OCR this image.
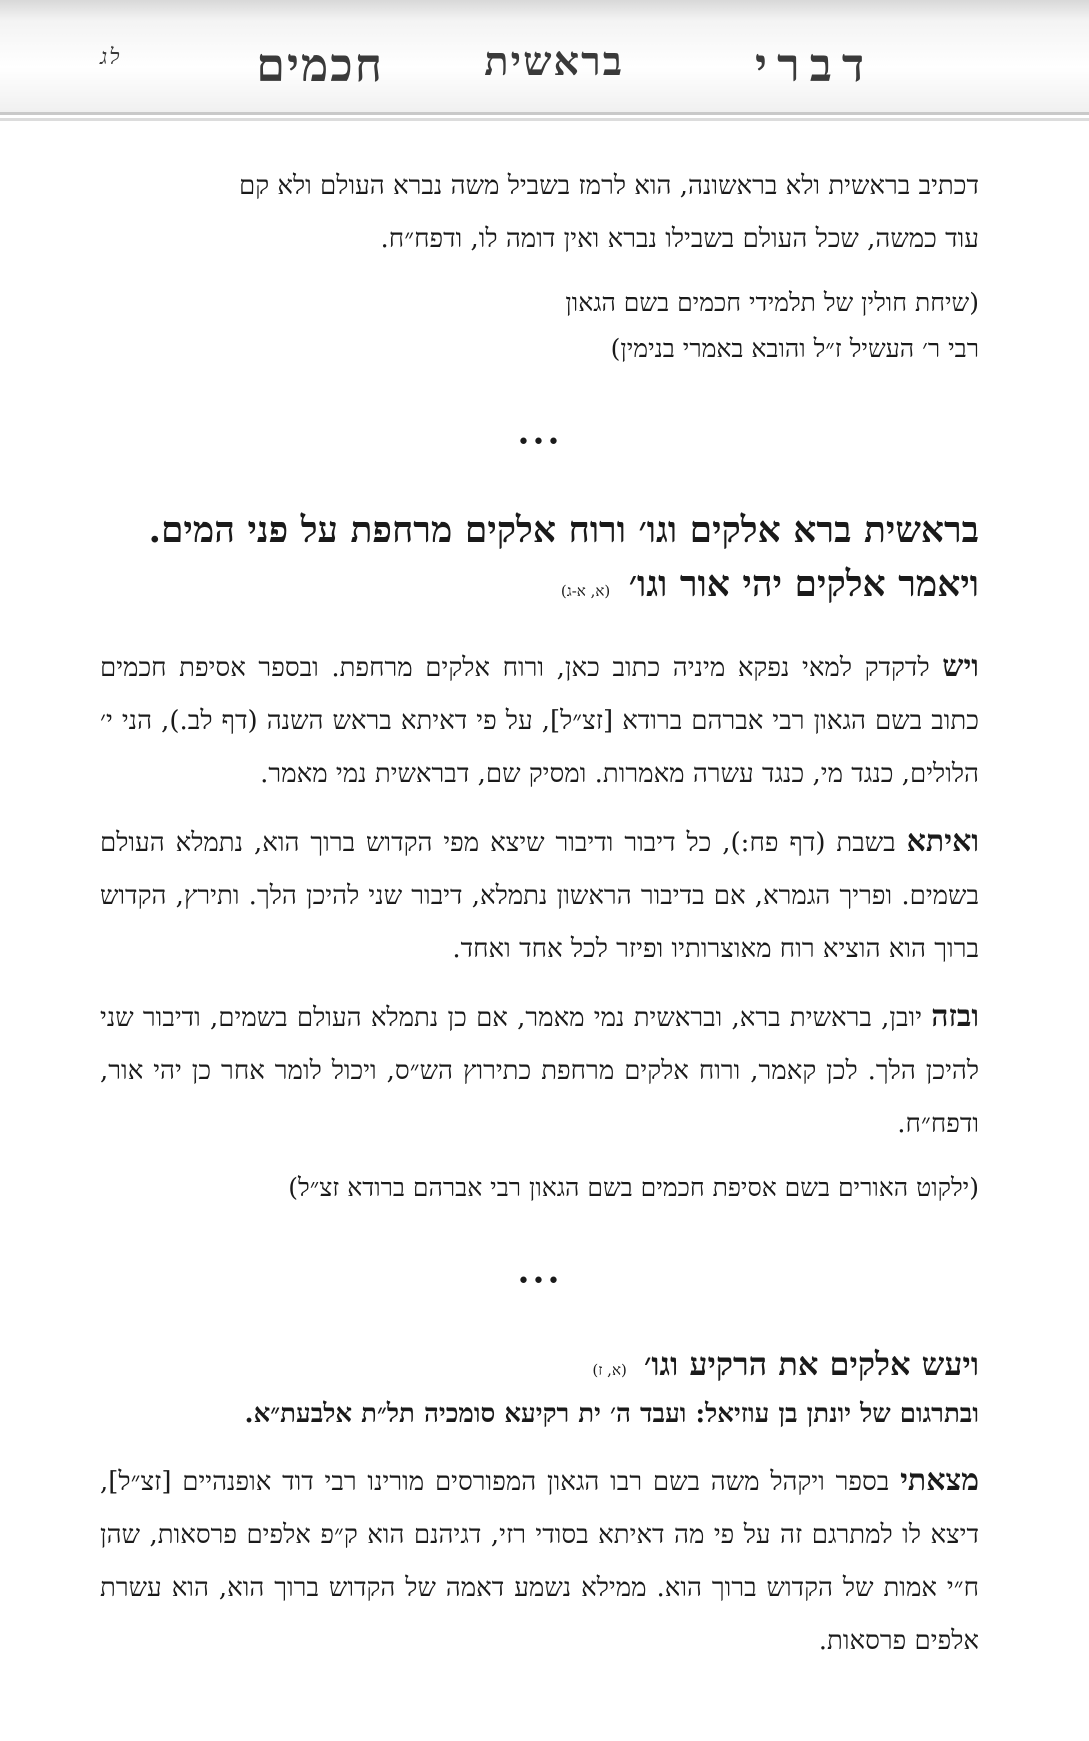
דברי
בראשית
חכמים
לג

דכתיב בראשית ולא בראשונה, הוא לרמז בשביל משה נברא העולם ולא קם

עוד כמשה, שכל העולם בשבילו נברא ואין דומה לו, ודפח״ח.

(שיחת חולין של תלמידי חכמים בשם הגאון

רבי ר׳ העשיל ז״ל והובא באמרי בנימין)

•••

בראשית ברא אלקים וגו׳ ורוח אלקים מרחפת על פני המים.

ויאמר אלקים יהי אור וגו׳ (א, א-ג)

ויש לדקדק למאי נפקא מיניה כתוב כאן, ורוח אלקים מרחפת. ובספר אסיפת חכמים כתוב בשם הגאון רבי אברהם ברודא [זצ״ל], על פי דאיתא בראש השנה (דף לב.), הני י׳ הלולים, כנגד מי, כנגד עשרה מאמרות. ומסיק שם, דבראשית נמי מאמר.

ואיתא בשבת (דף פח:), כל דיבור ודיבור שיצא מפי הקדוש ברוך הוא, נתמלא העולם בשמים. ופריך הגמרא, אם בדיבור הראשון נתמלא, דיבור שני להיכן הלך. ותירץ, הקדוש ברוך הוא הוציא רוח מאוצרותיו ופיזר לכל אחד ואחד.

ובזה יובן, בראשית ברא, ובראשית נמי מאמר, אם כן נתמלא העולם בשמים, ודיבור שני להיכן הלך. לכן קאמר, ורוח אלקים מרחפת כתירוץ הש״ס, ויכול לומר אחר כן יהי אור, ודפח״ח.

(ילקוט האורים בשם אסיפת חכמים בשם הגאון רבי אברהם ברודא זצ״ל)

•••

ויעש אלקים את הרקיע וגו׳ (א, ז)

ובתרגום של יונתן בן עוזיאל: ועבד ה׳ ית רקיעא סומכיה תל״ת אלבעת״א.

מצאתי בספר ויקהל משה בשם רבו הגאון המפורסים מורינו רבי דוד אופנהיים [זצ״ל], דיצא לו למתרגם זה על פי מה דאיתא בסודי רזי, דגיהנם הוא ק״פ אלפים פרסאות, שהן ח״י אמות של הקדוש ברוך הוא. ממילא נשמע דאמה של הקדוש ברוך הוא, הוא עשרת אלפים פרסאות.
